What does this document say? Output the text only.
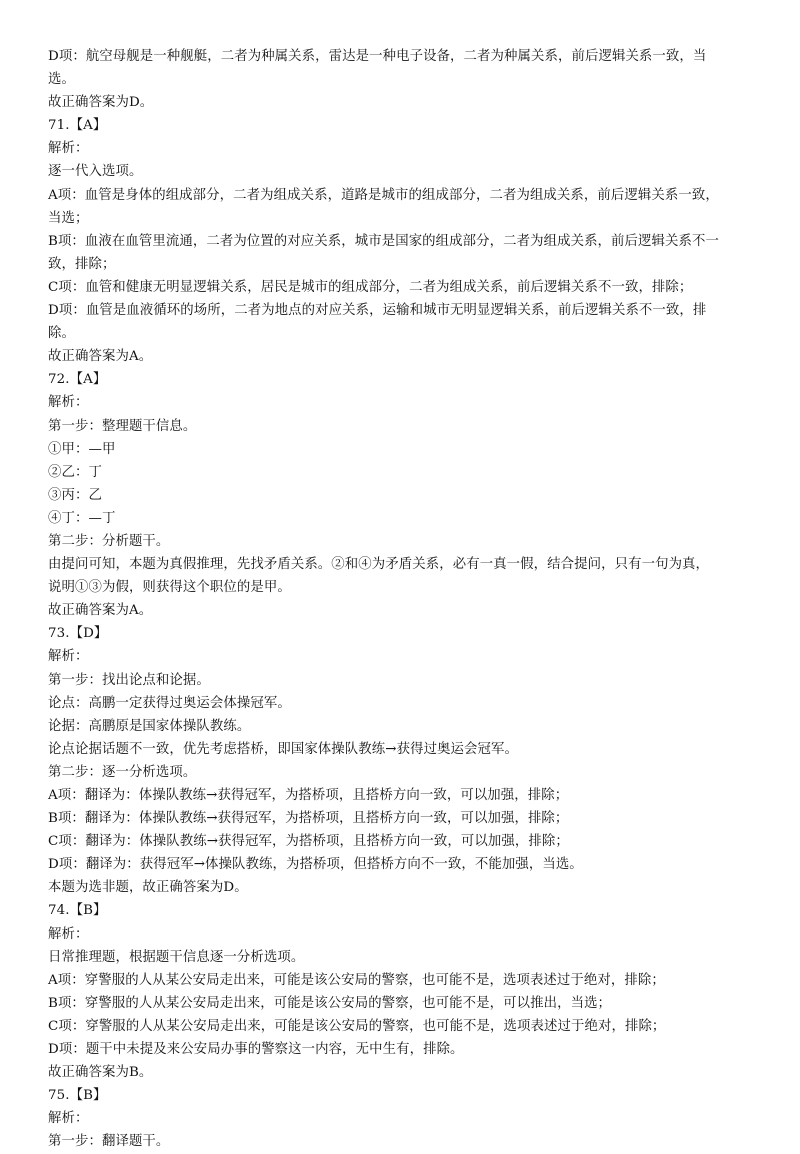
D项：航空母舰是一种舰艇，二者为种属关系，雷达是一种电子设备，二者为种属关系，前后逻辑关系一致，当
选。
故正确答案为D。
71.【A】
解析：
逐一代入选项。
A项：血管是身体的组成部分，二者为组成关系，道路是城市的组成部分，二者为组成关系，前后逻辑关系一致，
当选；
B项：血液在血管里流通，二者为位置的对应关系，城市是国家的组成部分，二者为组成关系，前后逻辑关系不一
致，排除；
C项：血管和健康无明显逻辑关系，居民是城市的组成部分，二者为组成关系，前后逻辑关系不一致，排除；
D项：血管是血液循环的场所，二者为地点的对应关系，运输和城市无明显逻辑关系，前后逻辑关系不一致，排
除。
故正确答案为A。
72.【A】
解析：
第一步：整理题干信息。
①甲：—甲
②乙：丁
③丙：乙
④丁：—丁
第二步：分析题干。
由提问可知，本题为真假推理，先找矛盾关系。②和④为矛盾关系，必有一真一假，结合提问，只有一句为真，
说明①③为假，则获得这个职位的是甲。
故正确答案为A。
73.【D】
解析：
第一步：找出论点和论据。
论点：高鹏一定获得过奥运会体操冠军。
论据：高鹏原是国家体操队教练。
论点论据话题不一致，优先考虑搭桥，即国家体操队教练→获得过奥运会冠军。
第二步：逐一分析选项。
A项：翻译为：体操队教练→获得冠军，为搭桥项，且搭桥方向一致，可以加强，排除；
B项：翻译为：体操队教练→获得冠军，为搭桥项，且搭桥方向一致，可以加强，排除；
C项：翻译为：体操队教练→获得冠军，为搭桥项，且搭桥方向一致，可以加强，排除；
D项：翻译为：获得冠军→体操队教练，为搭桥项，但搭桥方向不一致，不能加强，当选。
本题为选非题，故正确答案为D。
74.【B】
解析：
日常推理题，根据题干信息逐一分析选项。
A项：穿警服的人从某公安局走出来，可能是该公安局的警察，也可能不是，选项表述过于绝对，排除；
B项：穿警服的人从某公安局走出来，可能是该公安局的警察，也可能不是，可以推出，当选；
C项：穿警服的人从某公安局走出来，可能是该公安局的警察，也可能不是，选项表述过于绝对，排除；
D项：题干中未提及来公安局办事的警察这一内容，无中生有，排除。
故正确答案为B。
75.【B】
解析：
第一步：翻译题干。
